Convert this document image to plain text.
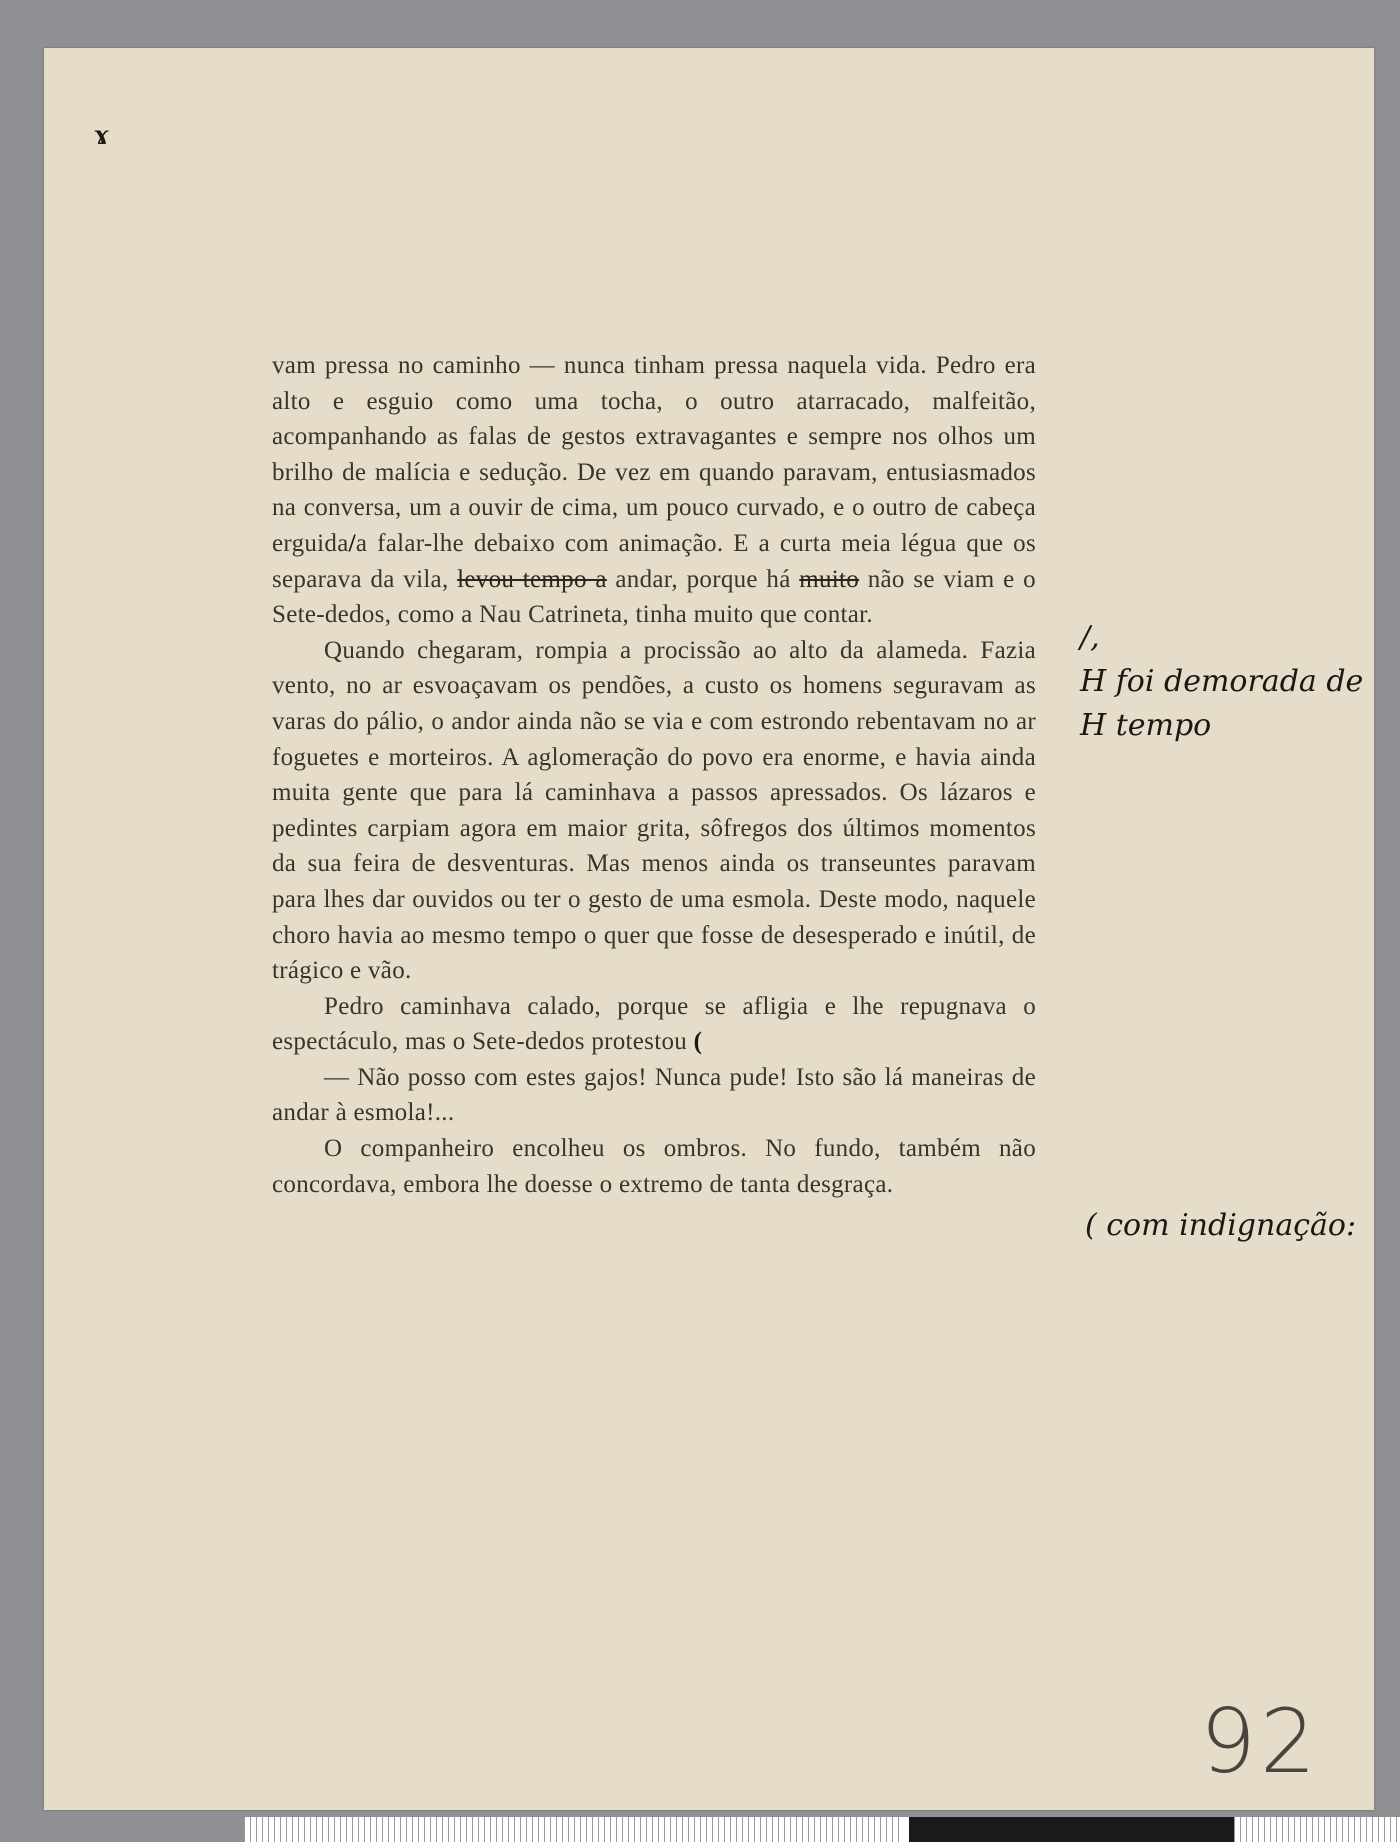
ɤ

vam pressa no caminho — nunca tinham pressa naquela vida. Pedro era alto e esguio como uma tocha, o outro atarracado, malfeitão, acompanhando as falas de gestos extravagantes e sempre nos olhos um brilho de malícia e sedução. De vez em quando paravam, entusiasmados na conversa, um a ouvir de cima, um pouco curvado, e o outro de cabeça erguida/a falar-lhe debaixo com animação. E a curta meia légua que os separava da vila, levou tempo a andar, porque há muito não se viam e o Sete-dedos, como a Nau Catrineta, tinha muito que contar.

Quando chegaram, rompia a procissão ao alto da alameda. Fazia vento, no ar esvoaçavam os pendões, a custo os homens seguravam as varas do pálio, o andor ainda não se via e com estrondo rebentavam no ar foguetes e morteiros. A aglomeração do povo era enorme, e havia ainda muita gente que para lá caminhava a passos apressados. Os lázaros e pedintes carpiam agora em maior grita, sôfregos dos últimos momentos da sua feira de desventuras. Mas menos ainda os transeuntes paravam para lhes dar ouvidos ou ter o gesto de uma esmola. Deste modo, naquele choro havia ao mesmo tempo o quer que fosse de desesperado e inútil, de trágico e vão.

Pedro caminhava calado, porque se afligia e lhe repugnava o espectáculo, mas o Sete-dedos protestou (

— Não posso com estes gajos! Nunca pude! Isto são lá maneiras de andar à esmola!...

O companheiro encolheu os ombros. No fundo, também não concordava, embora lhe doesse o extremo de tanta desgraça.

/,
H foi demorada de
H tempo
( com indignação:
92
